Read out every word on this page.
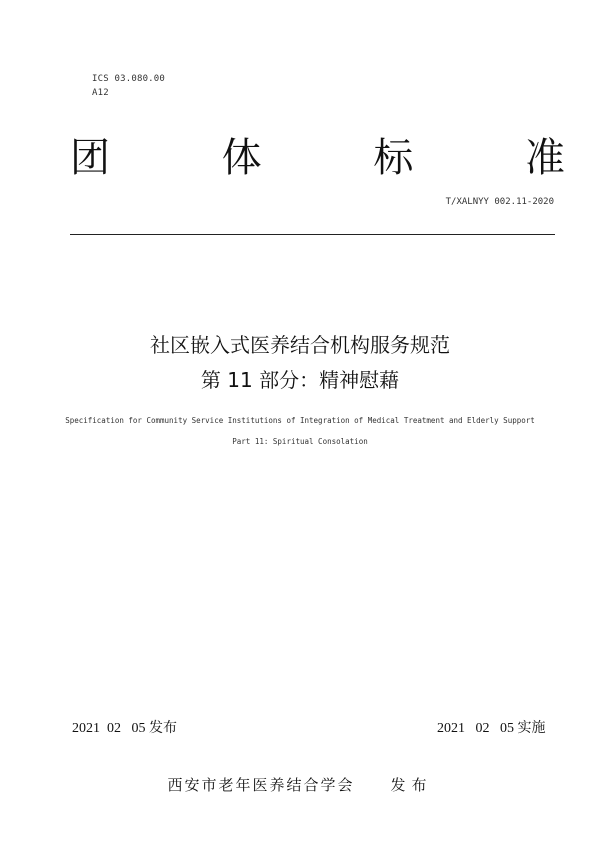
ICS 03.080.00
A12
团	体	标	准
T/XALNYY 002.11-2020
社区嵌入式医养结合机构服务规范
第 11 部分：精神慰藉
Specification for Community Service Institutions of Integration of Medical Treatment and Elderly Support
Part 11: Spiritual Consolation
2021  02   05 发布	2021   02   05 实施
西安市老年医养结合学会 发布
